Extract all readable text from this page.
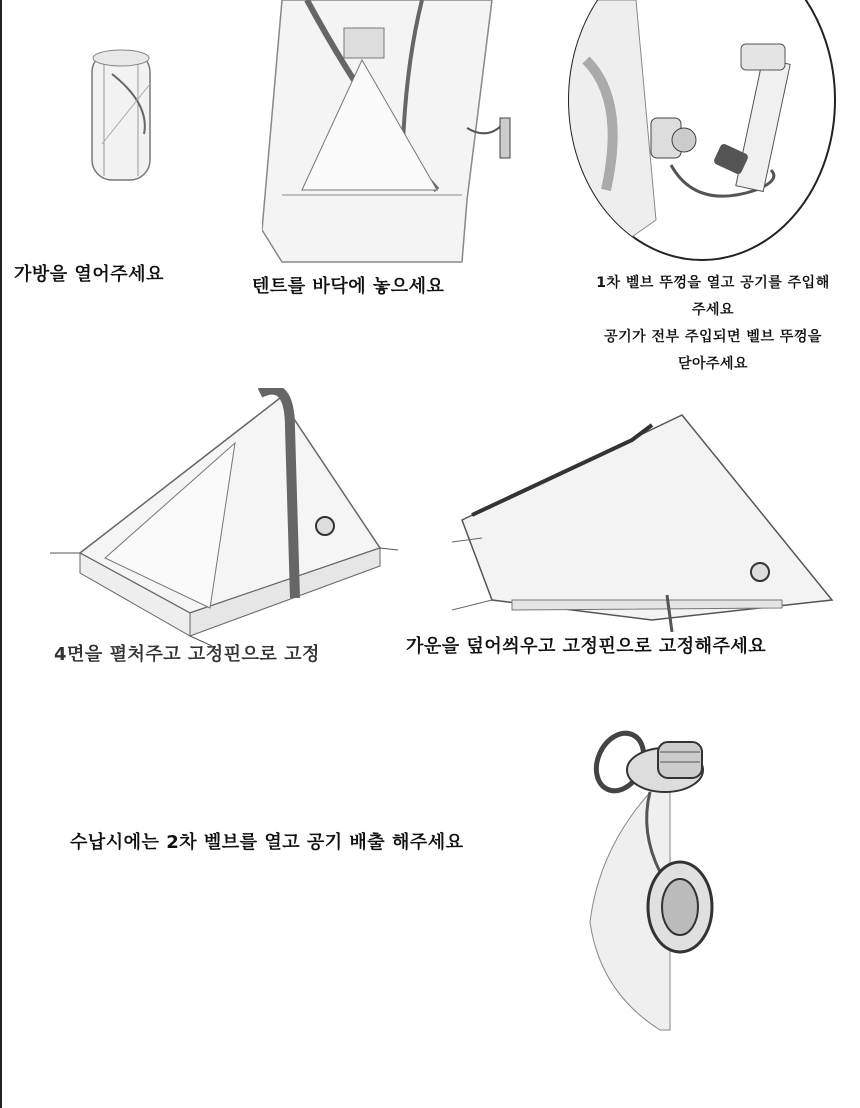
가방을 열어주세요
텐트를 바닥에 놓으세요	1차 벨브 뚜껑을 열고 공기를 주입해
주세요
공기가 전부 주입되면 벨브 뚜껑을
닫아주세요
4면을 펼처주고 고정핀으로 고정	가운을 덮어씌우고 고정핀으로 고정해주세요
수납시에는 2차 벨브를 열고 공기 배출 해주세요
